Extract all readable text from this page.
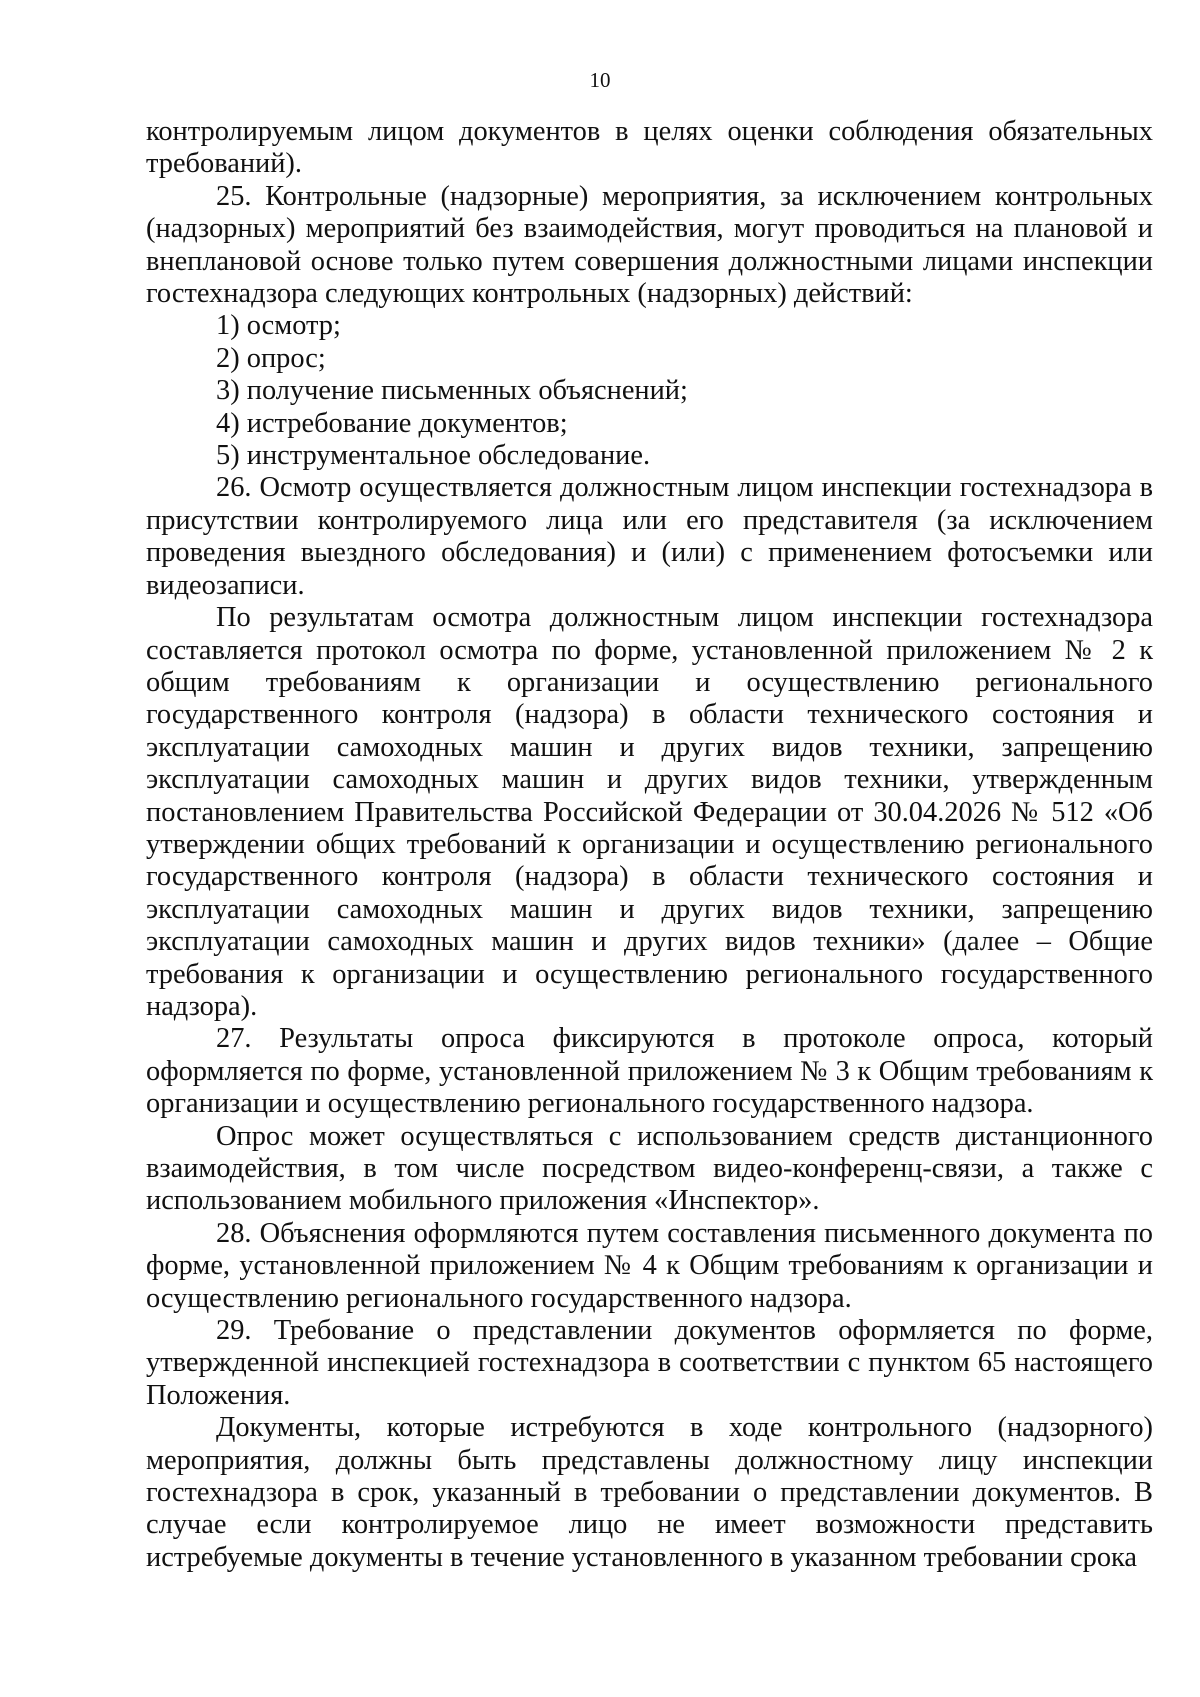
10

контролируемым лицом документов в целях оценки соблюдения обязательных требований).

25. Контрольные (надзорные) мероприятия, за исключением контрольных (надзорных) мероприятий без взаимодействия, могут проводиться на плановой и внеплановой основе только путем совершения должностными лицами инспекции гостехнадзора следующих контрольных (надзорных) действий:

1) осмотр;

2) опрос;

3) получение письменных объяснений;

4) истребование документов;

5) инструментальное обследование.

26. Осмотр осуществляется должностным лицом инспекции гостехнадзора в присутствии контролируемого лица или его представителя (за исключением проведения выездного обследования) и (или) с применением фотосъемки или видеозаписи.

По результатам осмотра должностным лицом инспекции гостехнадзора составляется протокол осмотра по форме, установленной приложением № 2 к общим требованиям к организации и осуществлению регионального государственного контроля (надзора) в области технического состояния и эксплуатации самоходных машин и других видов техники, запрещению эксплуатации самоходных машин и других видов техники, утвержденным постановлением Правительства Российской Федерации от 30.04.2026 № 512 «Об утверждении общих требований к организации и осуществлению регионального государственного контроля (надзора) в области технического состояния и эксплуатации самоходных машин и других видов техники, запрещению эксплуатации самоходных машин и других видов техники» (далее – Общие требования к организации и осуществлению регионального государственного надзора).

27. Результаты опроса фиксируются в протоколе опроса, который оформляется по форме, установленной приложением № 3 к Общим требованиям к организации и осуществлению регионального государственного надзора.

Опрос может осуществляться с использованием средств дистанционного взаимодействия, в том числе посредством видео-конференц-связи, а также с использованием мобильного приложения «Инспектор».

28. Объяснения оформляются путем составления письменного документа по форме, установленной приложением № 4 к Общим требованиям к организации и осуществлению регионального государственного надзора.

29. Требование о представлении документов оформляется по форме, утвержденной инспекцией гостехнадзора в соответствии с пунктом 65 настоящего Положения.

Документы, которые истребуются в ходе контрольного (надзорного) мероприятия, должны быть представлены должностному лицу инспекции гостехнадзора в срок, указанный в требовании о представлении документов. В случае если контролируемое лицо не имеет возможности представить истребуемые документы в течение установленного в указанном требовании срока
